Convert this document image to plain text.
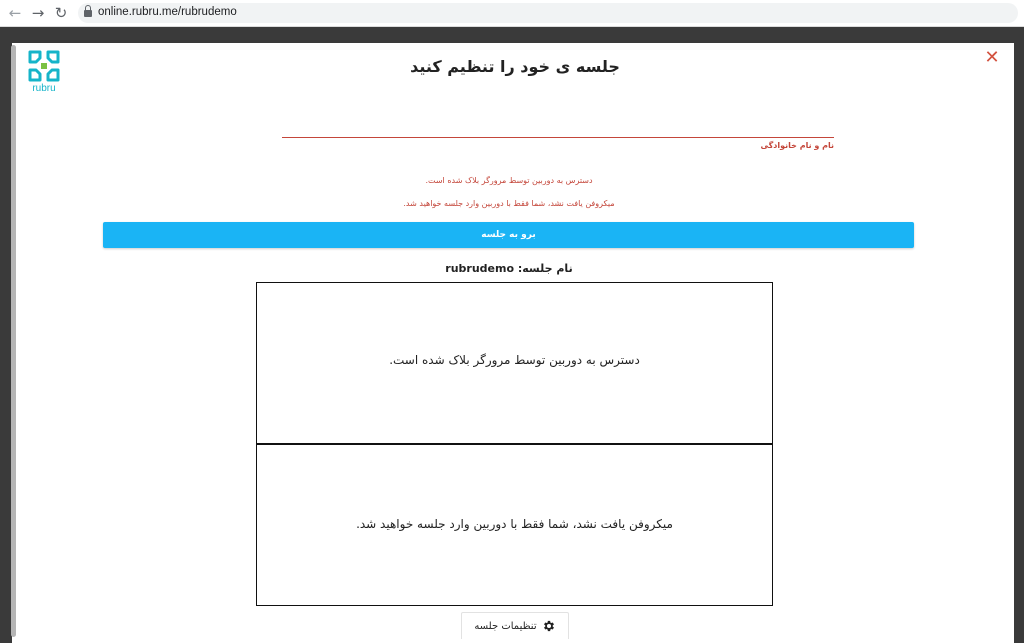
← → ↻	online.rubru.me/rubrudemo
rubru
✕
جلسه ی خود را تنظیم کنید
نام و نام خانوادگی
دسترس به دوربین توسط مرورگر بلاک شده است.
میکروفن یافت نشد، شما فقط با دوربین وارد جلسه خواهید شد.
برو به جلسه
نام جلسه: rubrudemo
دسترس به دوربین توسط مرورگر بلاک شده است.
میکروفن یافت نشد، شما فقط با دوربین وارد جلسه خواهید شد.
تنظیمات جلسه
